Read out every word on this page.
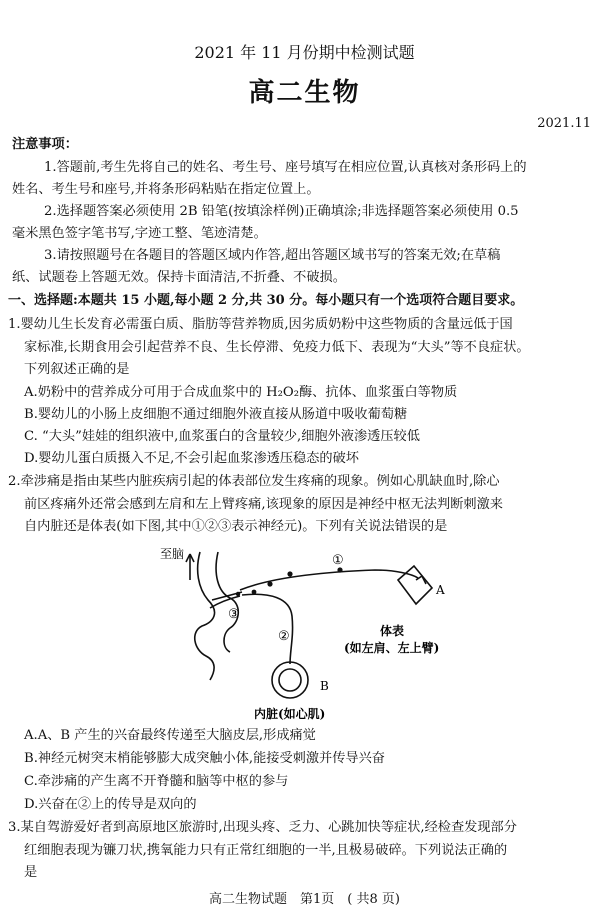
2021 年 11 月份期中检测试题
高二生物
2021.11
注意事项：
1.答题前,考生先将自己的姓名、考生号、座号填写在相应位置,认真核对条形码上的
姓名、考生号和座号,并将条形码粘贴在指定位置上。
2.选择题答案必须使用 2B 铅笔(按填涂样例)正确填涂;非选择题答案必须使用 0.5
毫米黑色签字笔书写,字迹工整、笔迹清楚。
3.请按照题号在各题目的答题区域内作答,超出答题区域书写的答案无效;在草稿
纸、试题卷上答题无效。保持卡面清洁,不折叠、不破损。
一、选择题:本题共 15 小题,每小题 2 分,共 30 分。每小题只有一个选项符合题目要求。
1.婴幼儿生长发育必需蛋白质、脂肪等营养物质,因劣质奶粉中这些物质的含量远低于国
家标准,长期食用会引起营养不良、生长停滞、免疫力低下、表现为“大头”等不良症状。
下列叙述正确的是
A.奶粉中的营养成分可用于合成血浆中的 H₂O₂酶、抗体、血浆蛋白等物质
B.婴幼儿的小肠上皮细胞不通过细胞外液直接从肠道中吸收葡萄糖
C. “大头”娃娃的组织液中,血浆蛋白的含量较少,细胞外液渗透压较低
D.婴幼儿蛋白质摄入不足,不会引起血浆渗透压稳态的破坏
2.牵涉痛是指由某些内脏疾病引起的体表部位发生疼痛的现象。例如心肌缺血时,除心
前区疼痛外还常会感到左肩和左上臂疼痛,该现象的原因是神经中枢无法判断刺激来
自内脏还是体表(如下图,其中①②③表示神经元)。下列有关说法错误的是
至脑	①
②
③
A
B
体表
(如左肩、左上臂)
内脏(如心肌)
A.A、B 产生的兴奋最终传递至大脑皮层,形成痛觉
B.神经元树突末梢能够膨大成突触小体,能接受刺激并传导兴奋
C.牵涉痛的产生离不开脊髓和脑等中枢的参与
D.兴奋在②上的传导是双向的
3.某自驾游爱好者到高原地区旅游时,出现头疼、乏力、心跳加快等症状,经检查发现部分
红细胞表现为镰刀状,携氧能力只有正常红细胞的一半,且极易破碎。下列说法正确的
是
高二生物试题　第1页　( 共8 页)
